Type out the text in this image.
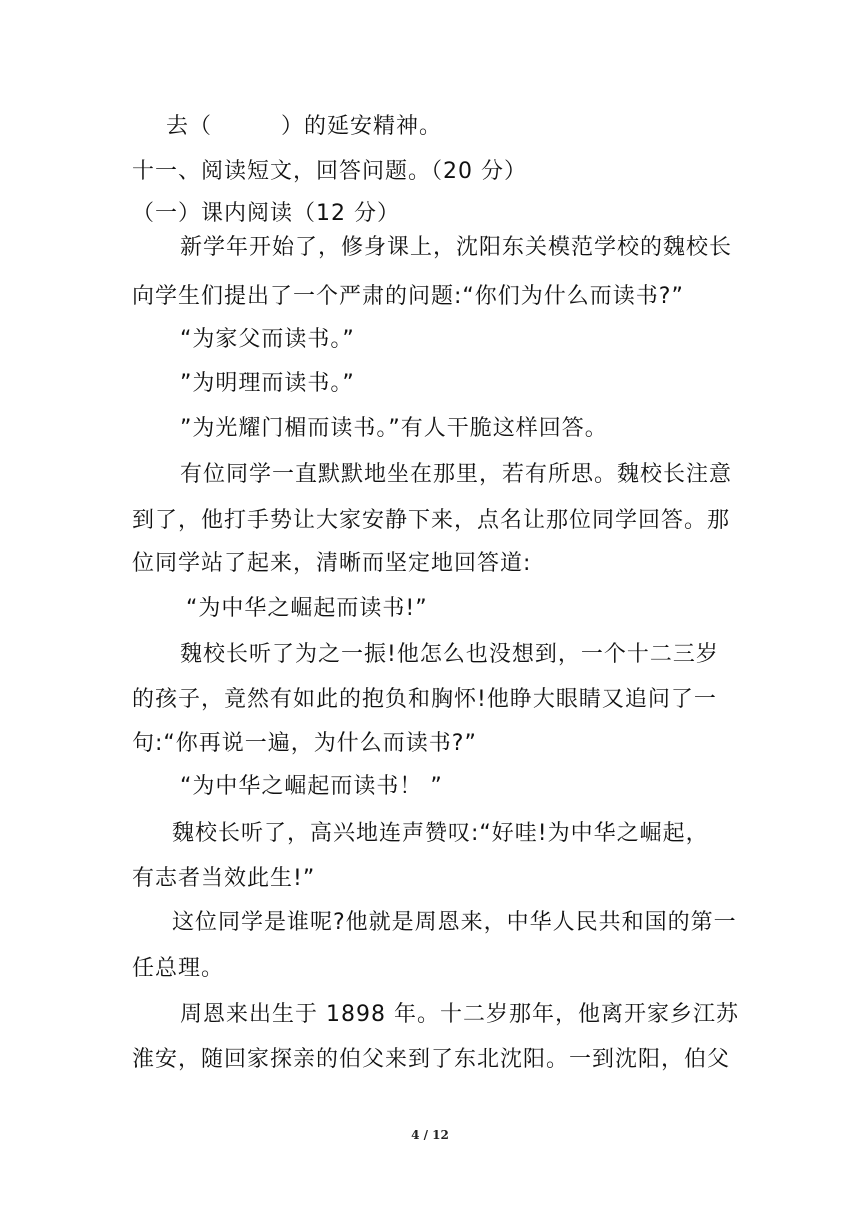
去（　　　）的延安精神。
十一、阅读短文，回答问题。（20 分）
（一）课内阅读（12 分）
新学年开始了，修身课上，沈阳东关模范学校的魏校长
向学生们提出了一个严肃的问题:“你们为什么而读书?”
“为家父而读书。”
”为明理而读书。”
”为光耀门楣而读书。”有人干脆这样回答。
有位同学一直默默地坐在那里，若有所思。魏校长注意
到了，他打手势让大家安静下来，点名让那位同学回答。那
位同学站了起来，清晰而坚定地回答道:
“为中华之崛起而读书!”
魏校长听了为之一振!他怎么也没想到，一个十二三岁
的孩子，竟然有如此的抱负和胸怀!他睁大眼睛又追问了一
句:“你再说一遍，为什么而读书?”
“为中华之崛起而读书！ ”
魏校长听了，高兴地连声赞叹:“好哇!为中华之崛起，
有志者当效此生!”
这位同学是谁呢?他就是周恩来，中华人民共和国的第一
任总理。
周恩来出生于 1898 年。十二岁那年，他离开家乡江苏
淮安，随回家探亲的伯父来到了东北沈阳。一到沈阳，伯父
4 / 12
